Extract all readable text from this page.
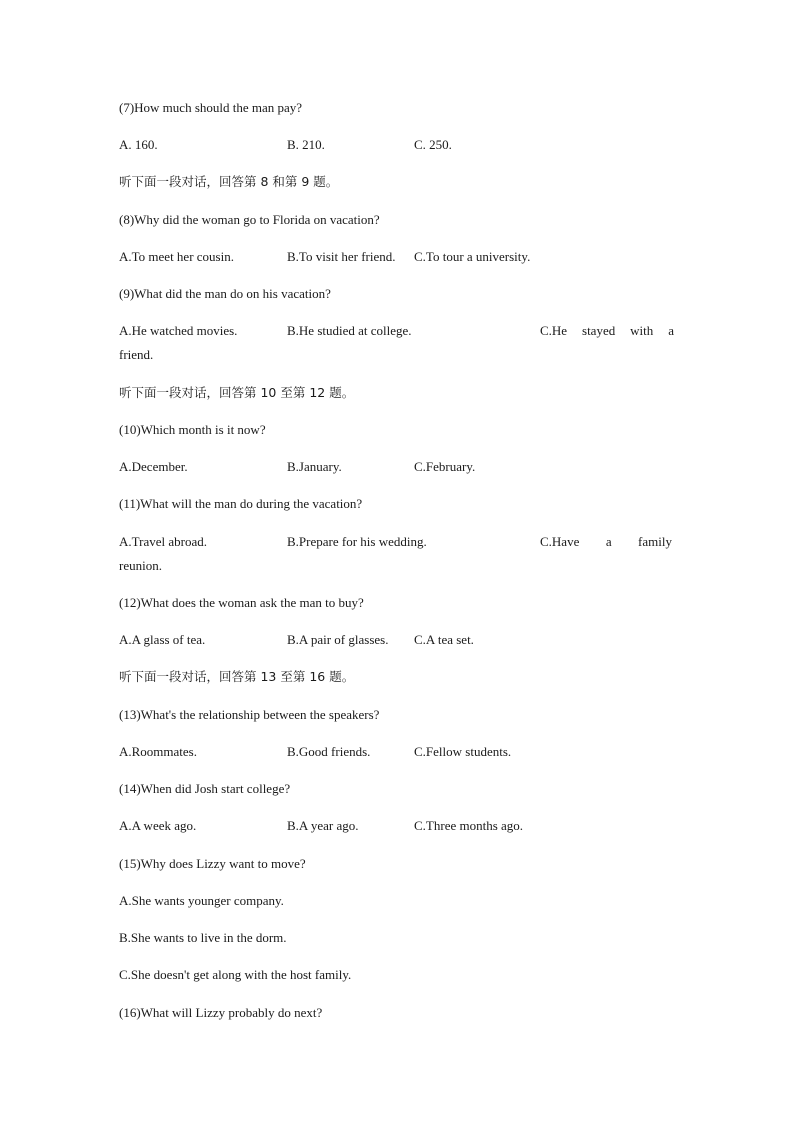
(7)How much should the man pay?
A. 160.	B. 210.	C. 250.
听下面一段对话，回答第 8 和第 9 题。
(8)Why did the woman go to Florida on vacation?
A.To meet her cousin.	B.To visit her friend. C.To tour a university.
(9)What did the man do on his vacation?
A.He watched movies.	B.He studied at college.	C.He stayed with a
friend.
听下面一段对话，回答第 10 至第 12 题。
(10)Which month is it now?
A.December.	B.January.	C.February.
(11)What will the man do during the vacation?
A.Travel abroad.	B.Prepare for his wedding.	C.Have a family
reunion.
(12)What does the woman ask the man to buy?
A.A glass of tea.	B.A pair of glasses. C.A tea set.
听下面一段对话，回答第 13 至第 16 题。
(13)What's the relationship between the speakers?
A.Roommates.	B.Good friends.	C.Fellow students.
(14)When did Josh start college?
A.A week ago.	B.A year ago.	C.Three months ago.
(15)Why does Lizzy want to move?
A.She wants younger company.
B.She wants to live in the dorm.
C.She doesn't get along with the host family.
(16)What will Lizzy probably do next?
